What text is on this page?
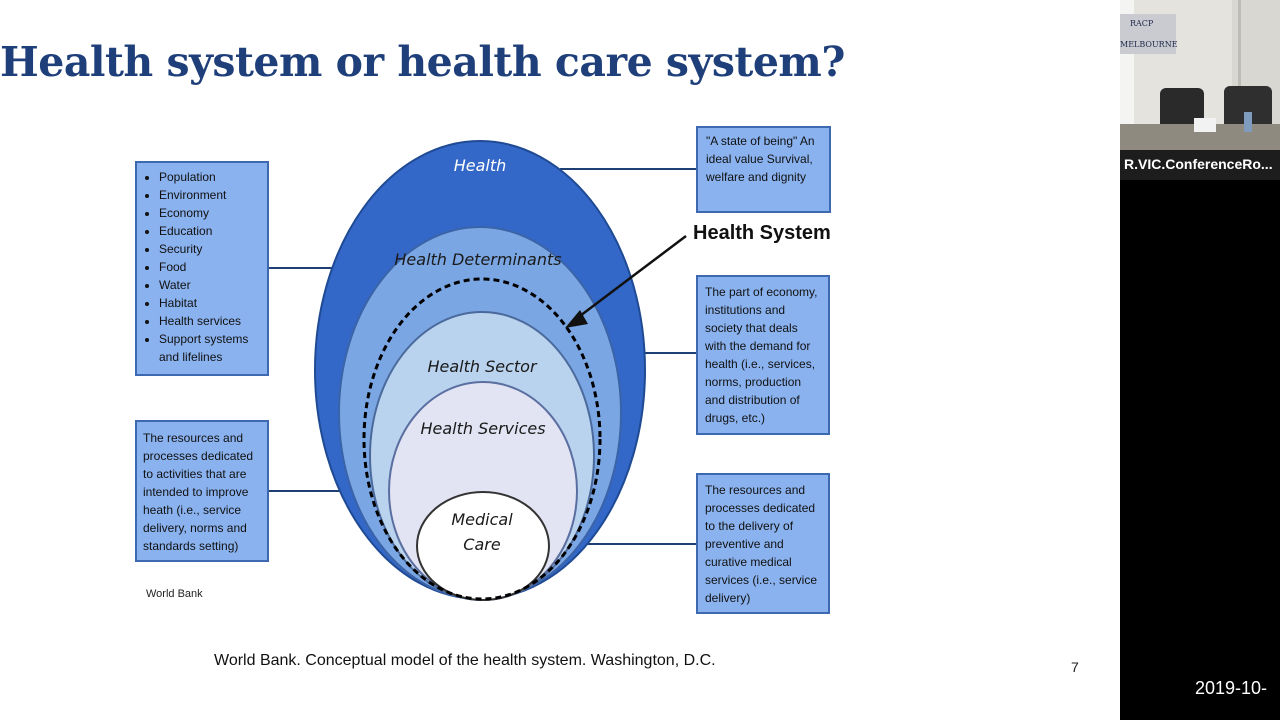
Health system or health care system?
Health
Health Determinants
Health Sector
Health Services
Medical
Care
• Population
• Environment
• Economy
• Education
• Security
• Food
• Water
• Habitat
• Health services
• Support systems and lifelines

The resources and processes dedicated to activities that are intended to improve heath (i.e., service delivery, norms and standards setting)

"A state of being" An ideal value Survival, welfare and dignity

The part of economy, institutions and society that deals with the demand for health (i.e., services, norms, production and distribution of drugs, etc.)

The resources and processes dedicated to the delivery of preventive and curative medical services (i.e., service delivery)

Health System
World Bank
World Bank. Conceptual model of the health system. Washington, D.C.	7
RACP
MELBOURNE
R.VIC.ConferenceRo...
2019-10-
